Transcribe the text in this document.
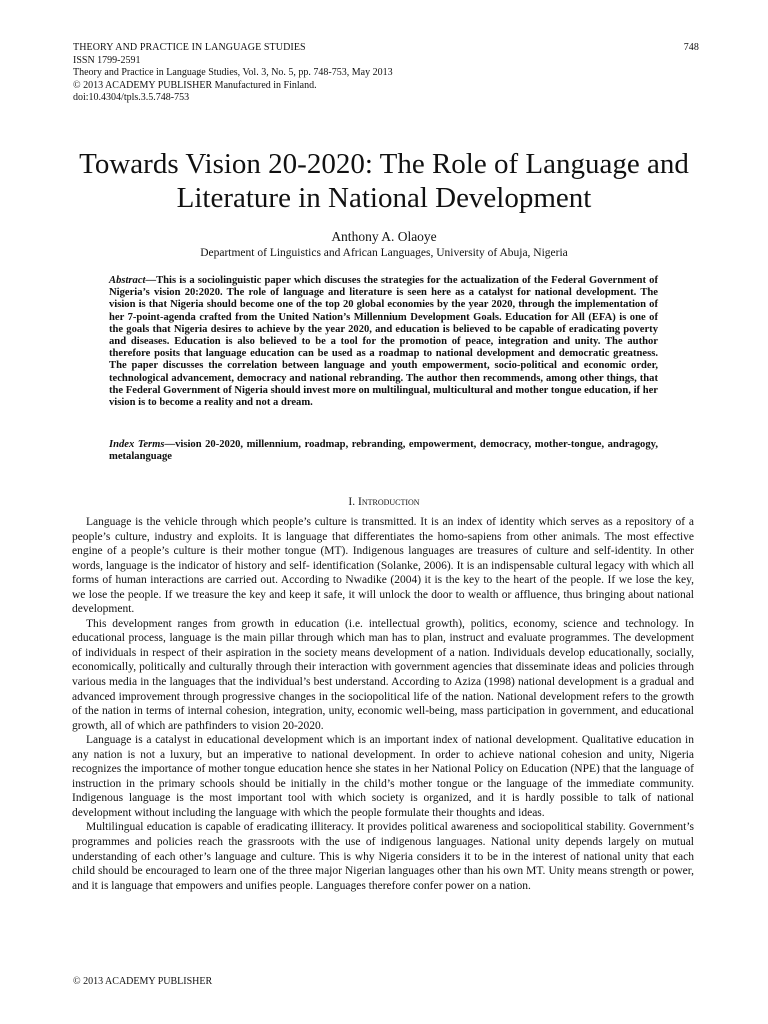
THEORY AND PRACTICE IN LANGUAGE STUDIES	748
ISSN 1799-2591
Theory and Practice in Language Studies, Vol. 3, No. 5, pp. 748-753, May 2013
© 2013 ACADEMY PUBLISHER Manufactured in Finland.
doi:10.4304/tpls.3.5.748-753
Towards Vision 20-2020: The Role of Language and Literature in National Development
Anthony A. Olaoye
Department of Linguistics and African Languages, University of Abuja, Nigeria

Abstract—This is a sociolinguistic paper which discuses the strategies for the actualization of the Federal Government of Nigeria’s vision 20:2020. The role of language and literature is seen here as a catalyst for national development. The vision is that Nigeria should become one of the top 20 global economies by the year 2020, through the implementation of her 7-point-agenda crafted from the United Nation’s Millennium Development Goals. Education for All (EFA) is one of the goals that Nigeria desires to achieve by the year 2020, and education is believed to be capable of eradicating poverty and diseases. Education is also believed to be a tool for the promotion of peace, integration and unity. The author therefore posits that language education can be used as a roadmap to national development and democratic greatness. The paper discusses the correlation between language and youth empowerment, socio-political and economic order, technological advancement, democracy and national rebranding. The author then recommends, among other things, that the Federal Government of Nigeria should invest more on multilingual, multicultural and mother tongue education, if her vision is to become a reality and not a dream.

Index Terms—vision 20-2020, millennium, roadmap, rebranding, empowerment, democracy, mother-tongue, andragogy, metalanguage

I. Introduction

Language is the vehicle through which people’s culture is transmitted. It is an index of identity which serves as a repository of a people’s culture, industry and exploits. It is language that differentiates the homo-sapiens from other animals. The most effective engine of a people’s culture is their mother tongue (MT). Indigenous languages are treasures of culture and self-identity. In other words, language is the indicator of history and self- identification (Solanke, 2006). It is an indispensable cultural legacy with which all forms of human interactions are carried out. According to Nwadike (2004) it is the key to the heart of the people. If we lose the key, we lose the people. If we treasure the key and keep it safe, it will unlock the door to wealth or affluence, thus bringing about national development.

This development ranges from growth in education (i.e. intellectual growth), politics, economy, science and technology. In educational process, language is the main pillar through which man has to plan, instruct and evaluate programmes. The development of individuals in respect of their aspiration in the society means development of a nation. Individuals develop educationally, socially, economically, politically and culturally through their interaction with government agencies that disseminate ideas and policies through various media in the languages that the individual’s best understand. According to Aziza (1998) national development is a gradual and advanced improvement through progressive changes in the sociopolitical life of the nation. National development refers to the growth of the nation in terms of internal cohesion, integration, unity, economic well-being, mass participation in government, and educational growth, all of which are pathfinders to vision 20-2020.

Language is a catalyst in educational development which is an important index of national development. Qualitative education in any nation is not a luxury, but an imperative to national development. In order to achieve national cohesion and unity, Nigeria recognizes the importance of mother tongue education hence she states in her National Policy on Education (NPE) that the language of instruction in the primary schools should be initially in the child’s mother tongue or the language of the immediate community. Indigenous language is the most important tool with which society is organized, and it is hardly possible to talk of national development without including the language with which the people formulate their thoughts and ideas.

Multilingual education is capable of eradicating illiteracy. It provides political awareness and sociopolitical stability. Government’s programmes and policies reach the grassroots with the use of indigenous languages. National unity depends largely on mutual understanding of each other’s language and culture. This is why Nigeria considers it to be in the interest of national unity that each child should be encouraged to learn one of the three major Nigerian languages other than his own MT. Unity means strength or power, and it is language that empowers and unifies people. Languages therefore confer power on a nation.

© 2013 ACADEMY PUBLISHER
